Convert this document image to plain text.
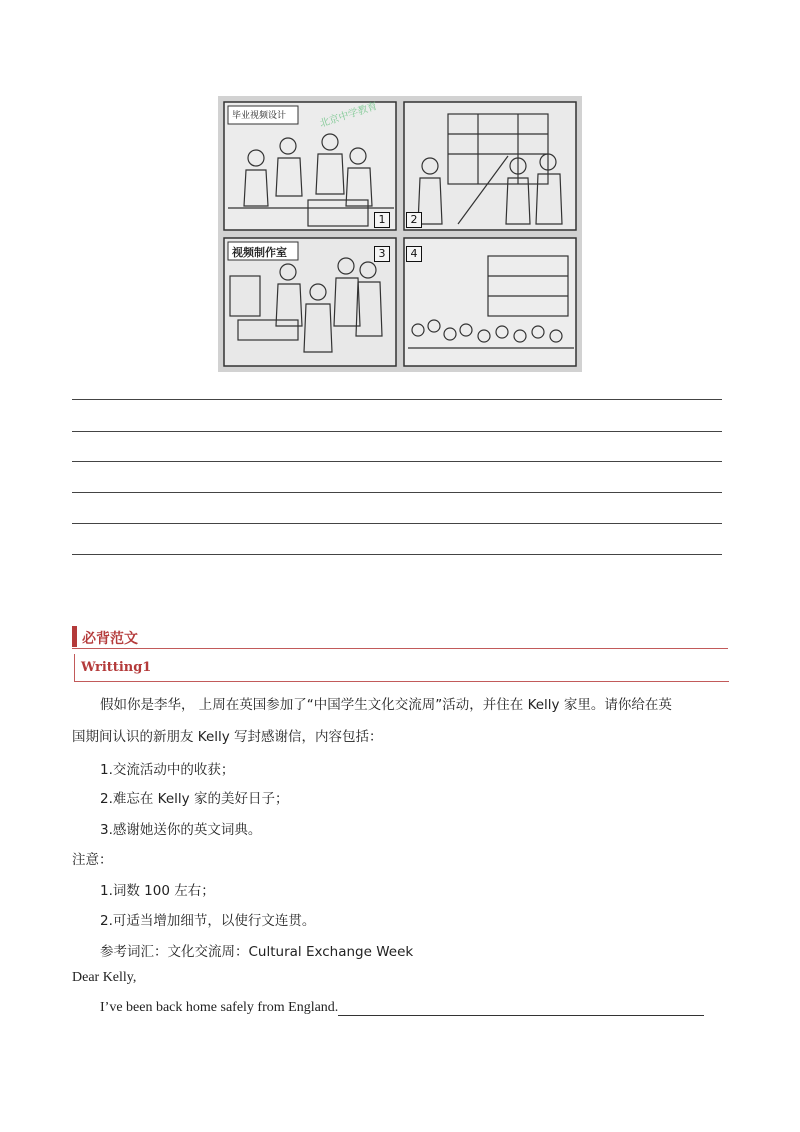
毕业视频设计
视频制作室
北京中学教育
1	2
3	4
必背范文
Writting1
假如你是李华， 上周在英国参加了“中国学生文化交流周”活动，并住在 Kelly 家里。请你给在英
国期间认识的新朋友 Kelly 写封感谢信，内容包括：
1.交流活动中的收获；
2.难忘在 Kelly 家的美好日子；
3.感谢她送你的英文词典。
注意：
1.词数 100 左右；
2.可适当增加细节，以使行文连贯。
参考词汇：文化交流周：Cultural Exchange Week
Dear Kelly,
I’ve been back home safely from England.
